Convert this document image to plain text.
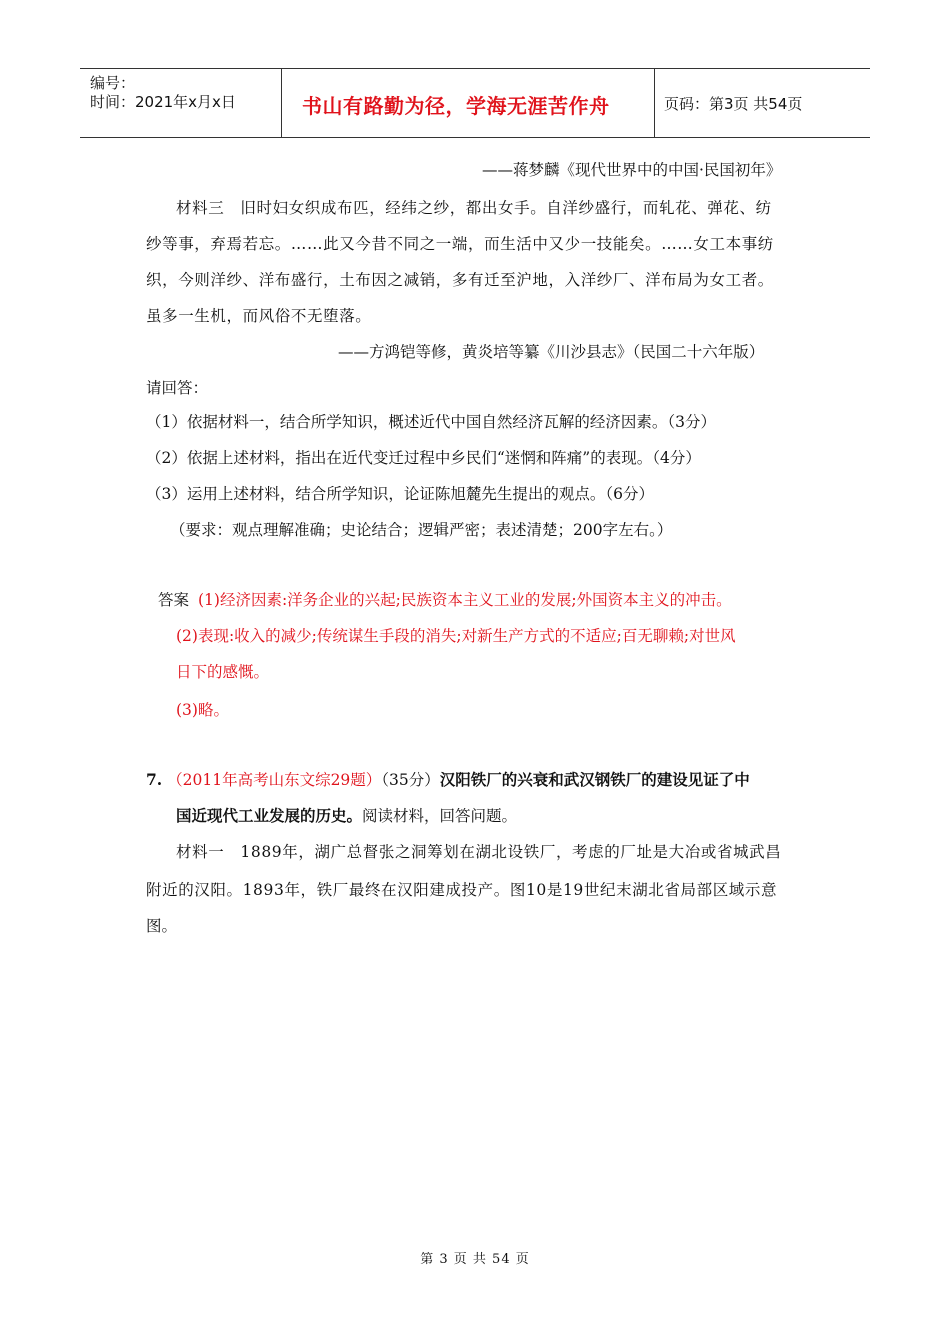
编号：
时间：2021年x月x日	书山有路勤为径，学海无涯苦作舟	页码：第3页 共54页
——蒋梦麟《现代世界中的中国·民国初年》
材料三　旧时妇女织成布匹，经纬之纱，都出女手。自洋纱盛行，而轧花、弹花、纺
纱等事，弃焉若忘。……此又今昔不同之一端，而生活中又少一技能矣。……女工本事纺
织，今则洋纱、洋布盛行，土布因之减销，多有迁至沪地，入洋纱厂、洋布局为女工者。
虽多一生机，而风俗不无堕落。
——方鸿铠等修，黄炎培等纂《川沙县志》（民国二十六年版）
请回答：
（1）依据材料一，结合所学知识，概述近代中国自然经济瓦解的经济因素。（3分）
（2）依据上述材料，指出在近代变迁过程中乡民们“迷惘和阵痛”的表现。（4分）
（3）运用上述材料，结合所学知识，论证陈旭麓先生提出的观点。（6分）
（要求：观点理解准确；史论结合；逻辑严密；表述清楚；200字左右。）
答案 (1)经济因素:洋务企业的兴起;民族资本主义工业的发展;外国资本主义的冲击。
(2)表现:收入的减少;传统谋生手段的消失;对新生产方式的不适应;百无聊赖;对世风
日下的感慨。
(3)略。
7. （2011年高考山东文综29题）（35分）汉阳铁厂的兴衰和武汉钢铁厂的建设见证了中
国近现代工业发展的历史。阅读材料，回答问题。
材料一　1889年，湖广总督张之洞筹划在湖北设铁厂，考虑的厂址是大冶或省城武昌
附近的汉阳。1893年，铁厂最终在汉阳建成投产。图10是19世纪末湖北省局部区域示意
图。
第 3 页 共 54 页
